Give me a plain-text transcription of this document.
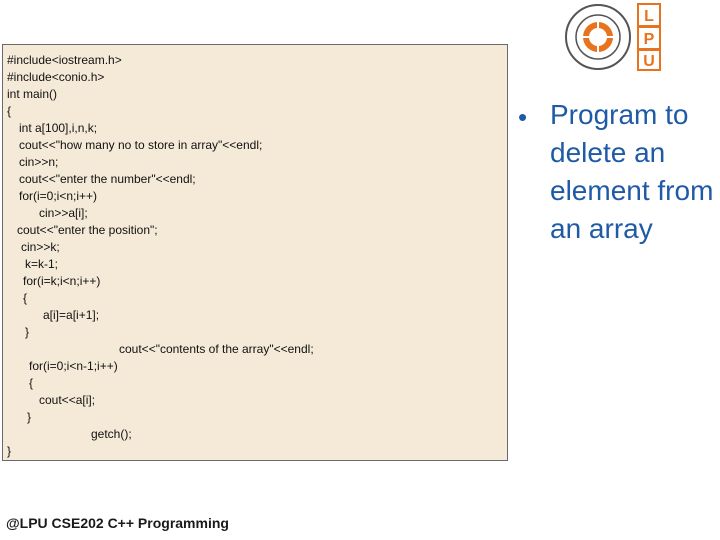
#include<iostream.h>
#include<conio.h>
int main()
{
int a[100],i,n,k;
cout<<"how many no to store in array"<<endl;
cin>>n;
cout<<"enter the number"<<endl;
for(i=0;i<n;i++)
cin>>a[i];
cout<<"enter the position";
cin>>k;
k=k-1;
for(i=k;i<n;i++)
{
a[i]=a[i+1];
}
cout<<"contents of the array"<<endl;
for(i=0;i<n-1;i++)
{
cout<<a[i];
}
getch();
}
• Program to delete an element from an array
L
P
U
@LPU CSE202 C++ Programming
